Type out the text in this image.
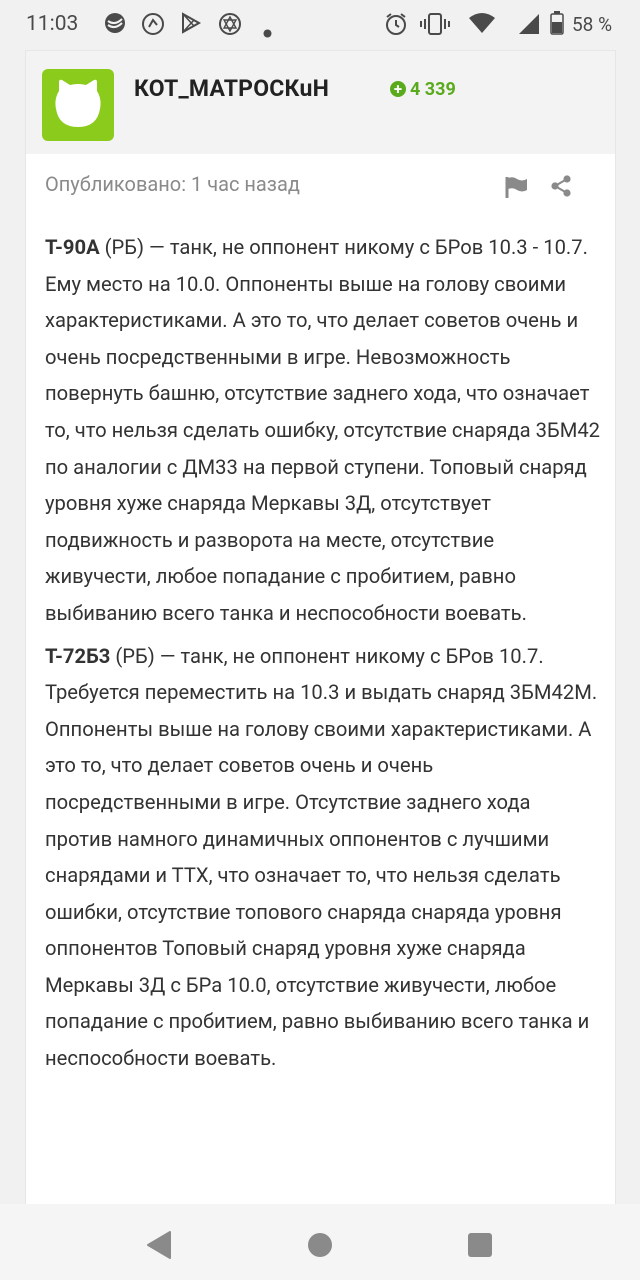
11:03	58 %
КОТ_МАТРОСКuН	+ 4 339
Опубликовано: 1 час назад

Т-90А (РБ) — танк, не оппонент никому с БРов 10.3 - 10.7. Ему место на 10.0. Оппоненты выше на голову своими характеристиками. А это то, что делает советов очень и очень посредственными в игре. Невозможность повернуть башню, отсутствие заднего хода, что означает то, что нельзя сделать ошибку, отсутствие снаряда 3БМ42 по аналогии с ДМ33 на первой ступени. Топовый снаряд уровня хуже снаряда Меркавы 3Д, отсутствует подвижность и разворота на месте, отсутствие живучести, любое попадание с пробитием, равно выбиванию всего танка и неспособности воевать.

Т-72Б3 (РБ) — танк, не оппонент никому с БРов 10.7. Требуется переместить на 10.3 и выдать снаряд 3БМ42М. Оппоненты выше на голову своими характеристиками. А это то, что делает советов очень и очень посредственными в игре. Отсутствие заднего хода против намного динамичных оппонентов с лучшими снарядами и ТТХ, что означает то, что нельзя сделать ошибки, отсутствие топового снаряда снаряда уровня оппонентов Топовый снаряд уровня хуже снаряда Меркавы 3Д с БРа 10.0, отсутствие живучести, любое попадание с пробитием, равно выбиванию всего танка и неспособности воевать.
